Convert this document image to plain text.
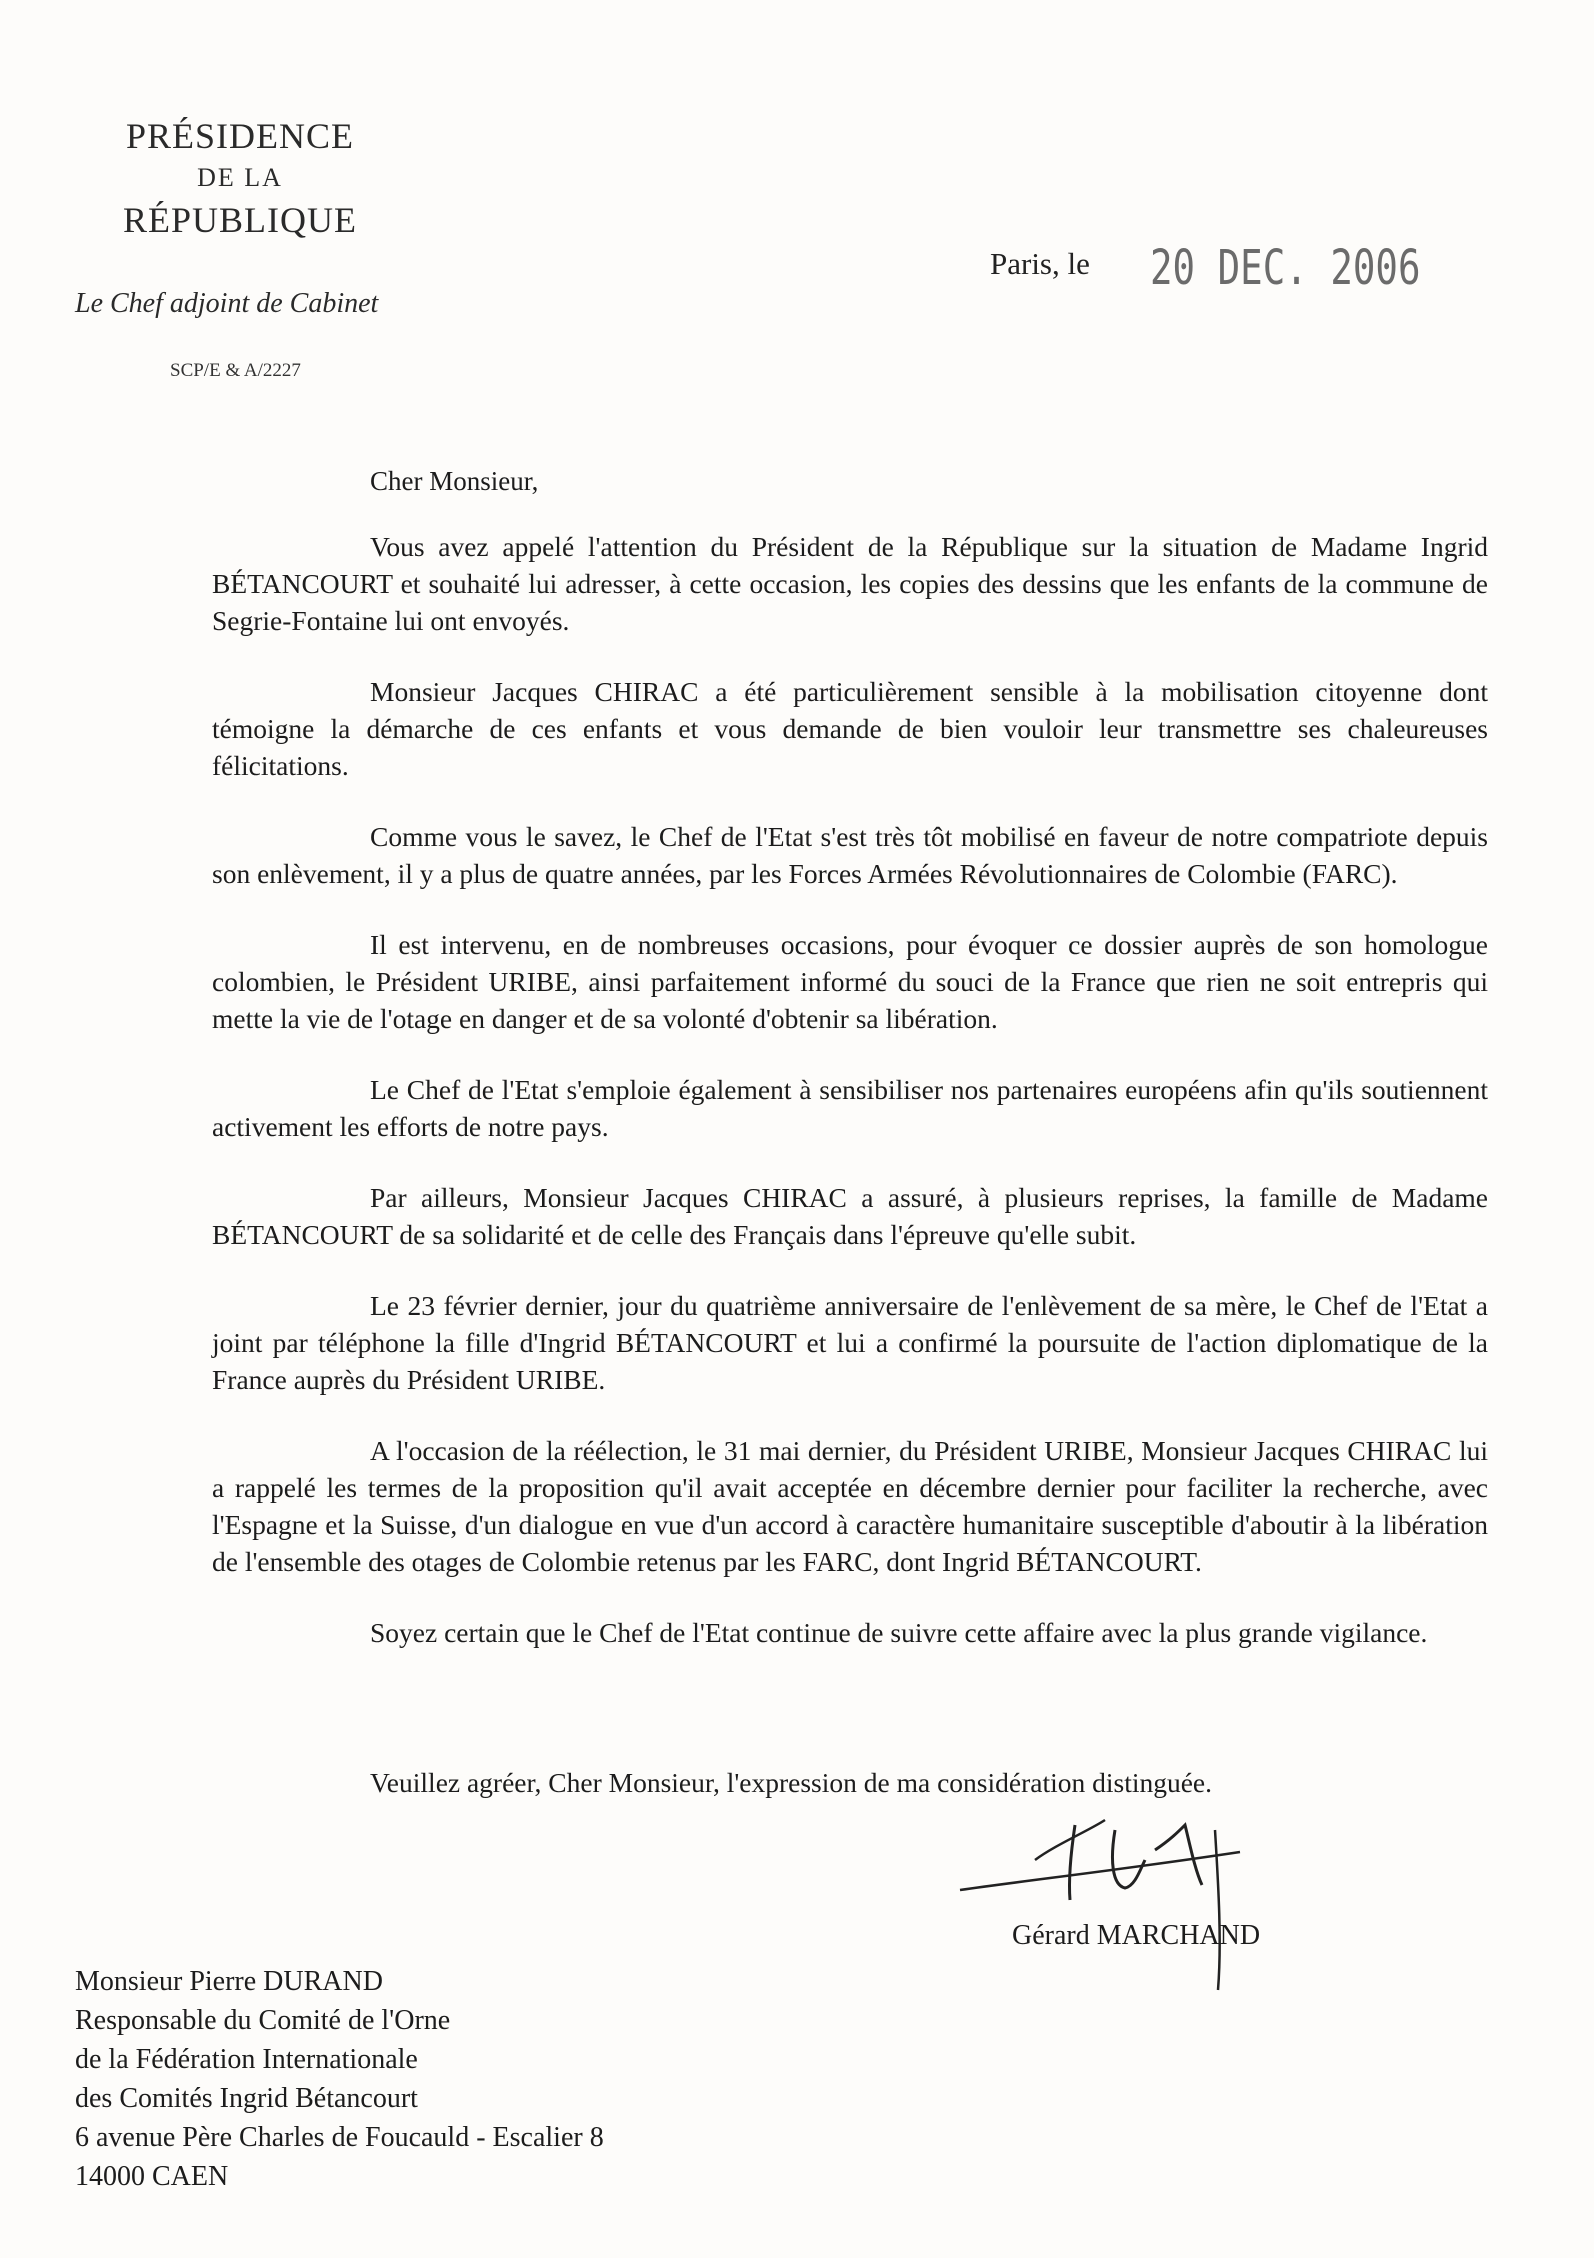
PRÉSIDENCE
DE LA
RÉPUBLIQUE
Le Chef adjoint de Cabinet
SCP/E & A/2227
Paris, le 20 DEC. 2006
Cher Monsieur,

Vous avez appelé l'attention du Président de la République sur la situation de Madame Ingrid BÉTANCOURT et souhaité lui adresser, à cette occasion, les copies des dessins que les enfants de la commune de Segrie-Fontaine lui ont envoyés.

Monsieur Jacques CHIRAC a été particulièrement sensible à la mobilisation citoyenne dont témoigne la démarche de ces enfants et vous demande de bien vouloir leur transmettre ses chaleureuses félicitations.

Comme vous le savez, le Chef de l'Etat s'est très tôt mobilisé en faveur de notre compatriote depuis son enlèvement, il y a plus de quatre années, par les Forces Armées Révolutionnaires de Colombie (FARC).

Il est intervenu, en de nombreuses occasions, pour évoquer ce dossier auprès de son homologue colombien, le Président URIBE, ainsi parfaitement informé du souci de la France que rien ne soit entrepris qui mette la vie de l'otage en danger et de sa volonté d'obtenir sa libération.

Le Chef de l'Etat s'emploie également à sensibiliser nos partenaires européens afin qu'ils soutiennent activement les efforts de notre pays.

Par ailleurs, Monsieur Jacques CHIRAC a assuré, à plusieurs reprises, la famille de Madame BÉTANCOURT de sa solidarité et de celle des Français dans l'épreuve qu'elle subit.

Le 23 février dernier, jour du quatrième anniversaire de l'enlèvement de sa mère, le Chef de l'Etat a joint par téléphone la fille d'Ingrid BÉTANCOURT et lui a confirmé la poursuite de l'action diplomatique de la France auprès du Président URIBE.

A l'occasion de la réélection, le 31 mai dernier, du Président URIBE, Monsieur Jacques CHIRAC lui a rappelé les termes de la proposition qu'il avait acceptée en décembre dernier pour faciliter la recherche, avec l'Espagne et la Suisse, d'un dialogue en vue d'un accord à caractère humanitaire susceptible d'aboutir à la libération de l'ensemble des otages de Colombie retenus par les FARC, dont Ingrid BÉTANCOURT.

Soyez certain que le Chef de l'Etat continue de suivre cette affaire avec la plus grande vigilance.

Veuillez agréer, Cher Monsieur, l'expression de ma considération distinguée.
Gérard MARCHAND
Monsieur Pierre DURAND
Responsable du Comité de l'Orne
de la Fédération Internationale
des Comités Ingrid Bétancourt
6 avenue Père Charles de Foucauld - Escalier 8
14000 CAEN
